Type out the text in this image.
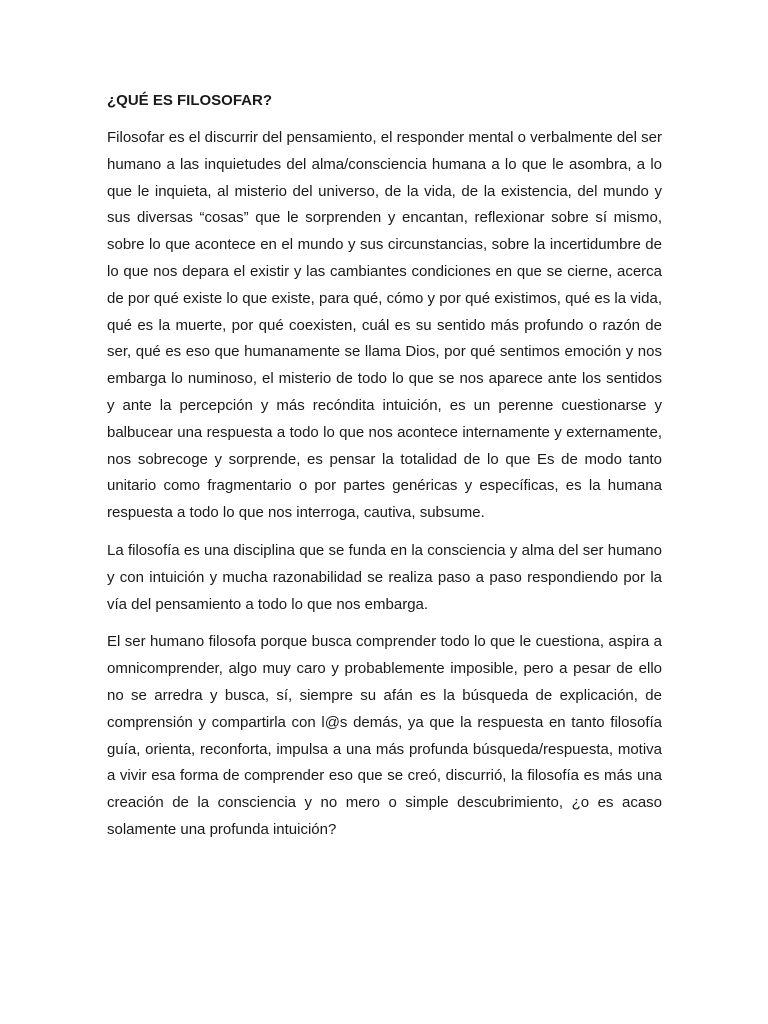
¿QUÉ ES FILOSOFAR?

Filosofar es el discurrir del pensamiento, el responder mental o verbalmente del ser humano a las inquietudes del alma/consciencia humana a lo que le asombra, a lo que le inquieta, al misterio del universo, de la vida, de la existencia, del mundo y sus diversas “cosas” que le sorprenden y encantan, reflexionar sobre sí mismo, sobre lo que acontece en el mundo y sus circunstancias, sobre la incertidumbre de lo que nos depara el existir y las cambiantes condiciones en que se cierne, acerca de por qué existe lo que existe, para qué, cómo y por qué existimos, qué es la vida, qué es la muerte, por qué coexisten, cuál es su sentido más profundo o razón de ser, qué es eso que humanamente se llama Dios, por qué sentimos emoción y nos embarga lo numinoso, el misterio de todo lo que se nos aparece ante los sentidos y ante la percepción y más recóndita intuición, es un perenne cuestionarse y balbucear una respuesta a todo lo que nos acontece internamente y externamente, nos sobrecoge y sorprende, es pensar la totalidad de lo que Es de modo tanto unitario como fragmentario o por partes genéricas y específicas, es la humana respuesta a todo lo que nos interroga, cautiva, subsume.

La filosofía es una disciplina que se funda en la consciencia y alma del ser humano y con intuición y mucha razonabilidad se realiza paso a paso respondiendo por la vía del pensamiento a todo lo que nos embarga.

El ser humano filosofa porque busca comprender todo lo que le cuestiona, aspira a omnicomprender, algo muy caro y probablemente imposible, pero a pesar de ello no se arredra y busca, sí, siempre su afán es la búsqueda de explicación, de comprensión y compartirla con l@s demás, ya que la respuesta en tanto filosofía guía, orienta, reconforta, impulsa a una más profunda búsqueda/respuesta, motiva a vivir esa forma de comprender eso que se creó, discurrió, la filosofía es más una creación de la consciencia y no mero o simple descubrimiento, ¿o es acaso solamente una profunda intuición?
